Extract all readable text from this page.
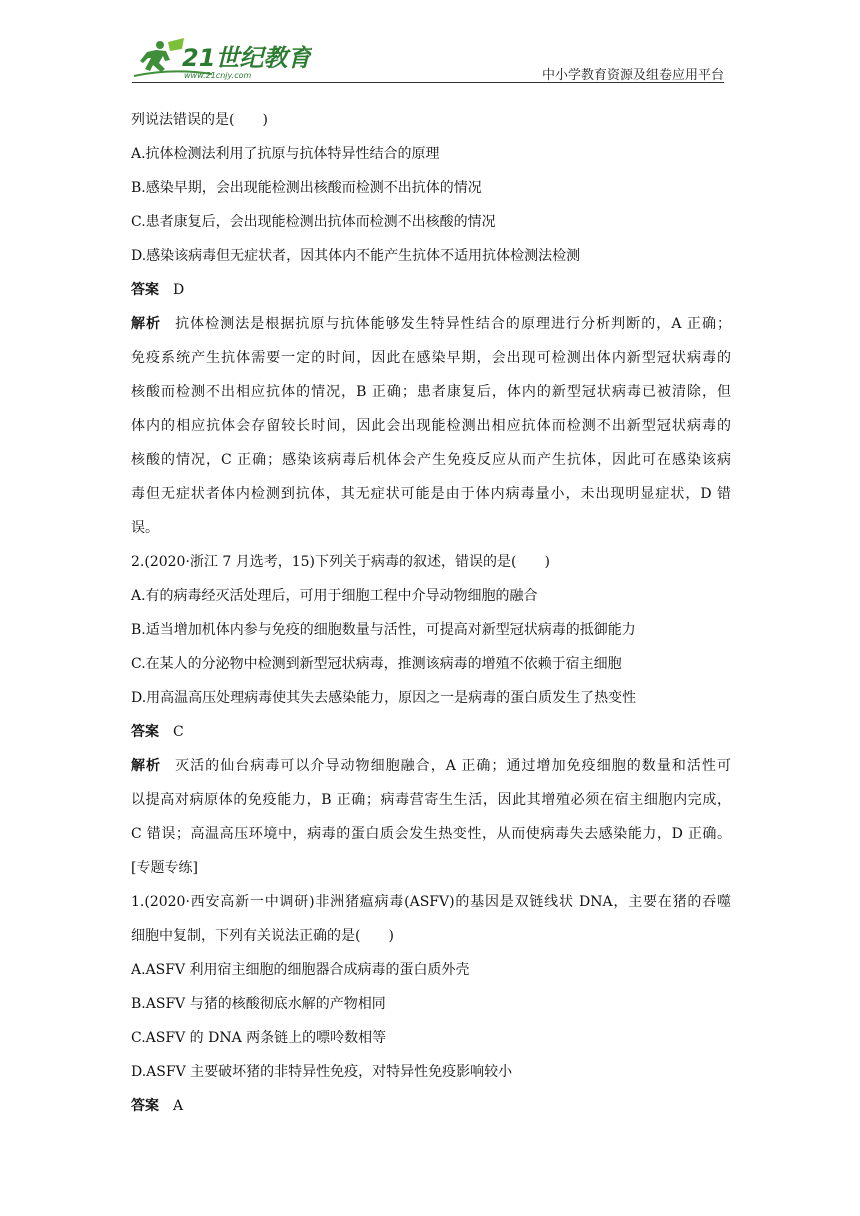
21世纪教育
www.21cnjy.com	中小学教育资源及组卷应用平台

列说法错误的是(　　)

A.抗体检测法利用了抗原与抗体特异性结合的原理

B.感染早期，会出现能检测出核酸而检测不出抗体的情况

C.患者康复后，会出现能检测出抗体而检测不出核酸的情况

D.感染该病毒但无症状者，因其体内不能产生抗体不适用抗体检测法检测

答案 D

解析 抗体检测法是根据抗原与抗体能够发生特异性结合的原理进行分析判断的，A 正确；
免疫系统产生抗体需要一定的时间，因此在感染早期，会出现可检测出体内新型冠状病毒的
核酸而检测不出相应抗体的情况，B 正确；患者康复后，体内的新型冠状病毒已被清除，但
体内的相应抗体会存留较长时间，因此会出现能检测出相应抗体而检测不出新型冠状病毒的
核酸的情况，C 正确；感染该病毒后机体会产生免疫反应从而产生抗体，因此可在感染该病
毒但无症状者体内检测到抗体，其无症状可能是由于体内病毒量小，未出现明显症状，D 错
误。

2.(2020·浙江 7 月选考，15)下列关于病毒的叙述，错误的是(　　)

A.有的病毒经灭活处理后，可用于细胞工程中介导动物细胞的融合

B.适当增加机体内参与免疫的细胞数量与活性，可提高对新型冠状病毒的抵御能力

C.在某人的分泌物中检测到新型冠状病毒，推测该病毒的增殖不依赖于宿主细胞

D.用高温高压处理病毒使其失去感染能力，原因之一是病毒的蛋白质发生了热变性

答案 C

解析 灭活的仙台病毒可以介导动物细胞融合，A 正确；通过增加免疫细胞的数量和活性可
以提高对病原体的免疫能力，B 正确；病毒营寄生生活，因此其增殖必须在宿主细胞内完成，
C 错误；高温高压环境中，病毒的蛋白质会发生热变性，从而使病毒失去感染能力，D 正确。

[专题专练]

1.(2020·西安高新一中调研)非洲猪瘟病毒(ASFV)的基因是双链线状 DNA，主要在猪的吞噬
细胞中复制，下列有关说法正确的是(　　)

A.ASFV 利用宿主细胞的细胞器合成病毒的蛋白质外壳

B.ASFV 与猪的核酸彻底水解的产物相同

C.ASFV 的 DNA 两条链上的嘌呤数相等

D.ASFV 主要破坏猪的非特异性免疫，对特异性免疫影响较小

答案 A
